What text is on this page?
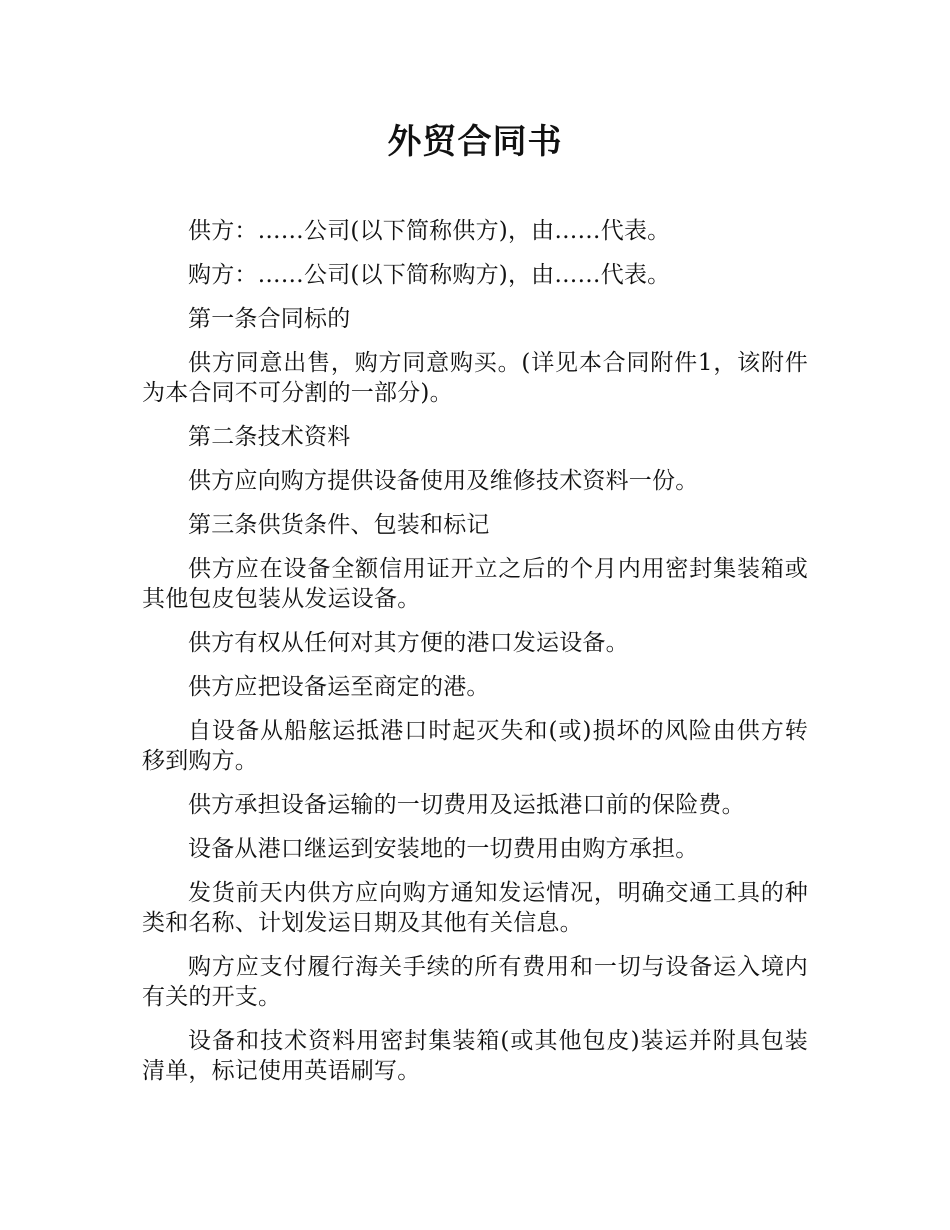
外贸合同书

供方：……公司(以下简称供方)，由……代表。

购方：……公司(以下简称购方)，由……代表。

第一条合同标的

供方同意出售，购方同意购买。(详见本合同附件1，该附件为本合同不可分割的一部分)。

第二条技术资料

供方应向购方提供设备使用及维修技术资料一份。

第三条供货条件、包装和标记

供方应在设备全额信用证开立之后的个月内用密封集装箱或其他包皮包装从发运设备。

供方有权从任何对其方便的港口发运设备。

供方应把设备运至商定的港。

自设备从船舷运抵港口时起灭失和(或)损坏的风险由供方转移到购方。

供方承担设备运输的一切费用及运抵港口前的保险费。

设备从港口继运到安装地的一切费用由购方承担。

发货前天内供方应向购方通知发运情况，明确交通工具的种类和名称、计划发运日期及其他有关信息。

购方应支付履行海关手续的所有费用和一切与设备运入境内有关的开支。

设备和技术资料用密封集装箱(或其他包皮)装运并附具包装清单，标记使用英语刷写。
